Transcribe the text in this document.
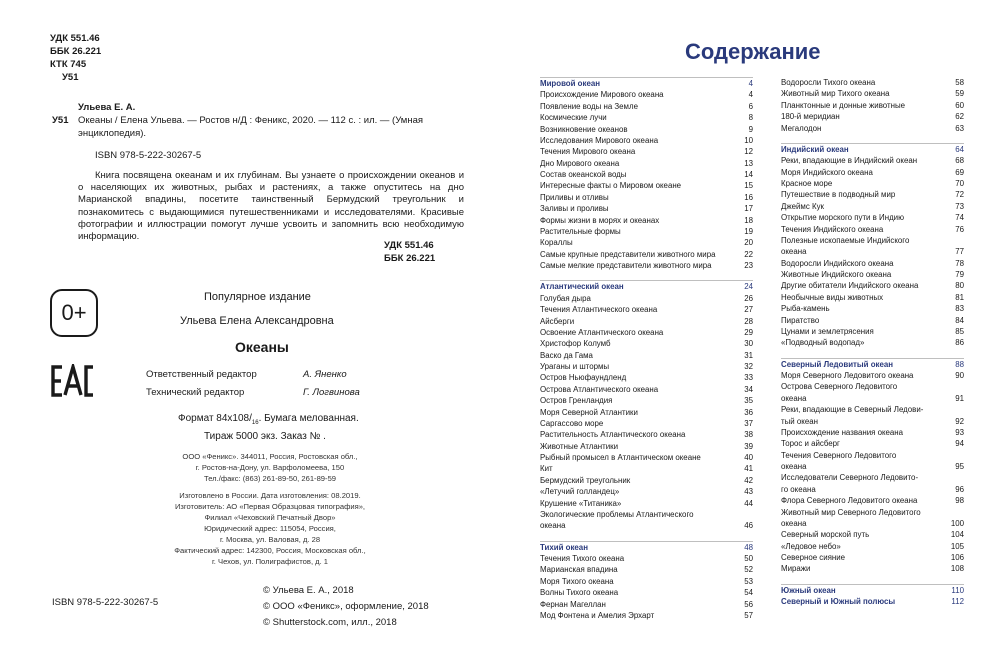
УДК 551.46
ББК 26.221
КТК 745
У51
Ульева Е. А.
У51 Океаны / Елена Ульева. — Ростов н/Д : Феникс, 2020. — 112 с. : ил. — (Умная энциклопедия).
ISBN 978-5-222-30267-5
Книга посвящена океанам и их глубинам. Вы узнаете о происхождении океанов и о населяющих их животных, рыбах и растениях, а также опуститесь на дно Марианской впадины, посетите таинственный Бермудский треугольник и познакомитесь с выдающимися путешественниками и исследователями. Красивые фотографии и иллюстрации помогут лучше усвоить и запомнить всю необходимую информацию.
УДК 551.46
ББК 26.221
0+
Популярное издание
Ульева Елена Александровна
Океаны
Ответственный редактор	А. Яненко
Технический редактор	Г. Логвинова
Формат $84х108/_{16}$. Бумага мелованная.
Тираж 5000 экз. Заказ № .
ООО «Феникс». 344011, Россия, Ростовская обл.,
г. Ростов-на-Дону, ул. Варфоломеева, 150
Тел./факс: (863) 261-89-50, 261-89-59
Изготовлено в России. Дата изготовления: 08.2019.
Изготовитель: АО «Первая Образцовая типография»,
Филиал «Чеховский Печатный Двор»
Юридический адрес: 115054, Россия,
г. Москва, ул. Валовая, д. 28
Фактический адрес: 142300, Россия, Московская обл.,
г. Чехов, ул. Полиграфистов, д. 1
ISBN 978-5-222-30267-5
© Ульева Е. А., 2018
© ООО «Феникс», оформление, 2018
© Shutterstock.com, илл., 2018
Содержание
Мировой океан	4
Происхождение Мирового океана	4
Появление воды на Земле	6
Космические лучи	8
Возникновение океанов	9
Исследования Мирового океана	10
Течения Мирового океана	12
Дно Мирового океана	13
Состав океанской воды	14
Интересные факты о Мировом океане	15
Приливы и отливы	16
Заливы и проливы	17
Формы жизни в морях и океанах	18
Растительные формы	19
Кораллы	20
Самые крупные представители животного мира	22
Самые мелкие представители животного мира	23
Атлантический океан	24
Голубая дыра	26
Течения Атлантического океана	27
Айсберги	28
Освоение Атлантического океана	29
Христофор Колумб	30
Васко да Гама	31
Ураганы и штормы	32
Остров Ньюфаундленд	33
Острова Атлантического океана	34
Остров Гренландия	35
Моря Северной Атлантики	36
Саргассово море	37
Растительность Атлантического океана	38
Животные Атлантики	39
Рыбный промысел в Атлантическом океане	40
Кит	41
Бермудский треугольник	42
«Летучий голландец»	43
Крушение «Титаника»	44
Экологические проблемы Атлантического
океана	46
Тихий океан	48
Течения Тихого океана	50
Марианская впадина	52
Моря Тихого океана	53
Волны Тихого океана	54
Фернан Магеллан	56
Мод Фонтенa и Амелия Эрхарт	57
Водоросли Тихого океана	58
Животный мир Тихого океана	59
Планктонные и донные животные	60
180-й меридиан	62
Мегалодон	63
Индийский океан	64
Реки, впадающие в Индийский океан	68
Моря Индийского океана	69
Красное море	70
Путешествие в подводный мир	72
Джеймс Кук	73
Открытие морского пути в Индию	74
Течения Индийского океана	76
Полезные ископаемые Индийского
океана	77
Водоросли Индийского океана	78
Животные Индийского океана	79
Другие обитатели Индийского океана	80
Необычные виды животных	81
Рыба-камень	83
Пиратство	84
Цунами и землетрясения	85
«Подводный водопад»	86
Северный Ледовитый океан	88
Моря Северного Ледовитого океана	90
Острова Северного Ледовитого
океана	91
Реки, впадающие в Северный Ледови-
тый океан	92
Происхождение названия океана	93
Торос и айсберг	94
Течения Северного Ледовитого
океана	95
Исследователи Северного Ледовито-
го океана	96
Флора Северного Ледовитого океана	98
Животный мир Северного Ледовитого
океана	100
Северный морской путь	104
«Ледовое небо»	105
Северное сияние	106
Миражи	108
Южный океан	110
Северный и Южный полюсы	112
